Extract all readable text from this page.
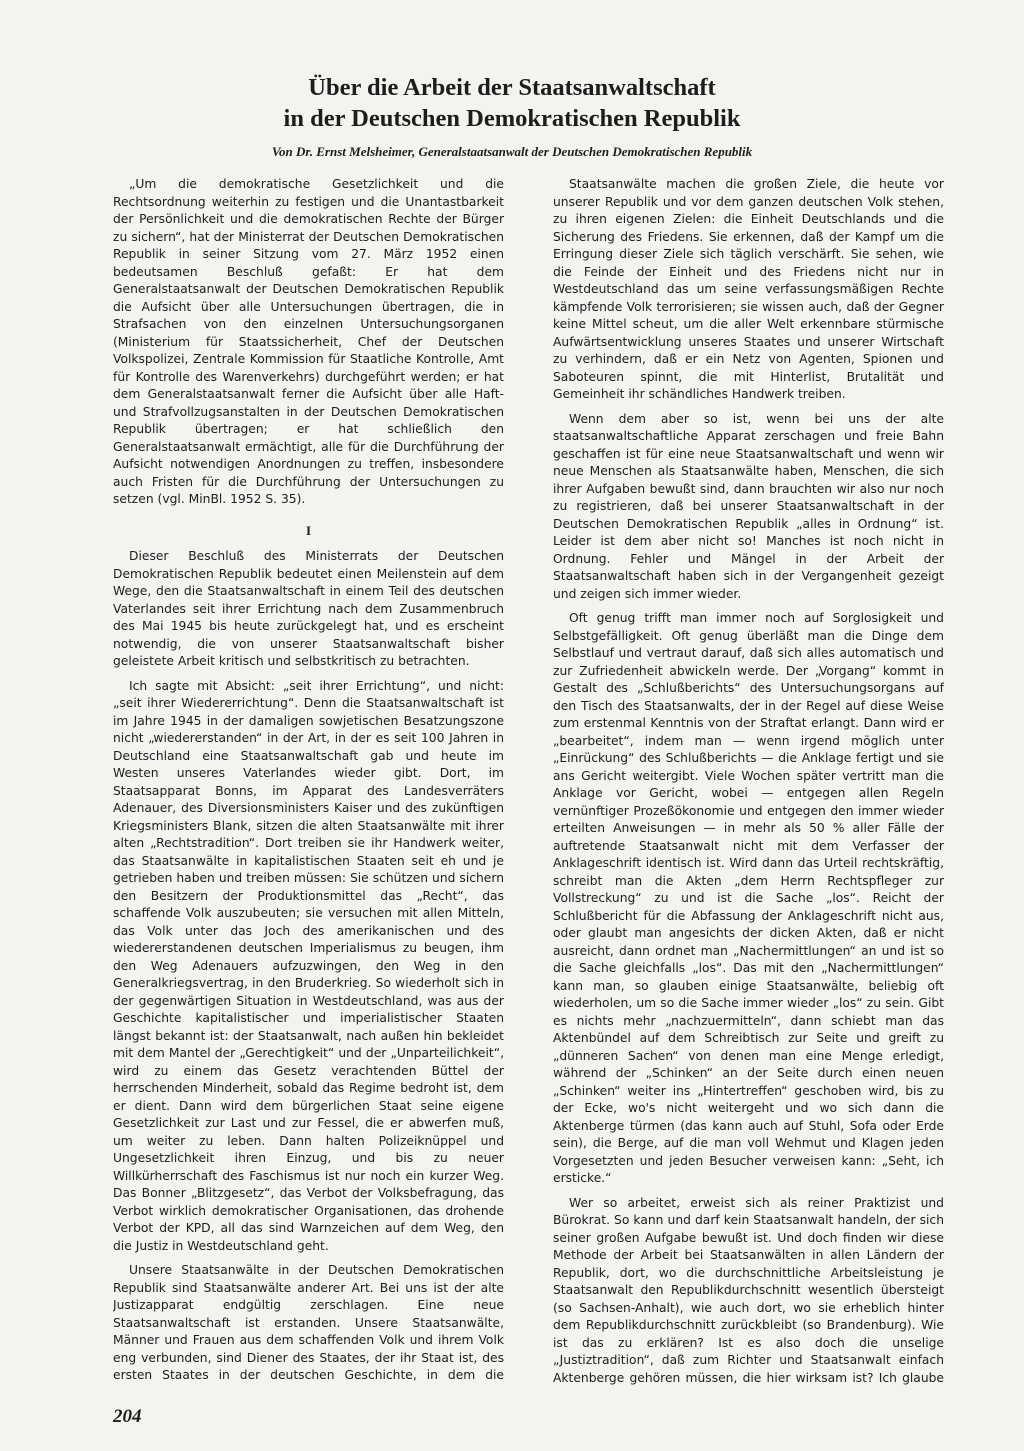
Über die Arbeit der Staatsanwaltschaft
in der Deutschen Demokratischen Republik

Von Dr. Ernst Melsheimer, Generalstaatsanwalt der Deutschen Demokratischen Republik

„Um die demokratische Gesetzlichkeit und die Rechtsordnung weiterhin zu festigen und die Unantastbarkeit der Persönlichkeit und die demokratischen Rechte der Bürger zu sichern“, hat der Ministerrat der Deutschen Demokratischen Republik in seiner Sitzung vom 27. März 1952 einen bedeutsamen Beschluß gefaßt: Er hat dem Generalstaatsanwalt der Deutschen Demokratischen Republik die Aufsicht über alle Untersuchungen übertragen, die in Strafsachen von den einzelnen Untersuchungsorganen (Ministerium für Staatssicherheit, Chef der Deutschen Volkspolizei, Zentrale Kommission für Staatliche Kontrolle, Amt für Kontrolle des Warenverkehrs) durchgeführt werden; er hat dem Generalstaatsanwalt ferner die Aufsicht über alle Haft- und Strafvollzugsanstalten in der Deutschen Demokratischen Republik übertragen; er hat schließlich den Generalstaatsanwalt ermächtigt, alle für die Durchführung der Aufsicht notwendigen Anordnungen zu treffen, insbesondere auch Fristen für die Durchführung der Untersuchungen zu setzen (vgl. MinBl. 1952 S. 35).

I

Dieser Beschluß des Ministerrats der Deutschen Demokratischen Republik bedeutet einen Meilenstein auf dem Wege, den die Staatsanwaltschaft in einem Teil des deutschen Vaterlandes seit ihrer Errichtung nach dem Zusammenbruch des Mai 1945 bis heute zurückgelegt hat, und es erscheint notwendig, die von unserer Staatsanwaltschaft bisher geleistete Arbeit kritisch und selbstkritisch zu betrachten.

Ich sagte mit Absicht: „seit ihrer Errichtung“, und nicht: „seit ihrer Wiedererrichtung“. Denn die Staatsanwaltschaft ist im Jahre 1945 in der damaligen sowjetischen Besatzungszone nicht „wiedererstanden“ in der Art, in der es seit 100 Jahren in Deutschland eine Staatsanwaltschaft gab und heute im Westen unseres Vaterlandes wieder gibt. Dort, im Staatsapparat Bonns, im Apparat des Landesverräters Adenauer, des Diversionsministers Kaiser und des zukünftigen Kriegsministers Blank, sitzen die alten Staatsanwälte mit ihrer alten „Rechtstradition“. Dort treiben sie ihr Handwerk weiter, das Staatsanwälte in kapitalistischen Staaten seit eh und je getrieben haben und treiben müssen: Sie schützen und sichern den Besitzern der Produktionsmittel das „Recht“, das schaffende Volk auszubeuten; sie versuchen mit allen Mitteln, das Volk unter das Joch des amerikanischen und des wiedererstandenen deutschen Imperialismus zu beugen, ihm den Weg Adenauers aufzuzwingen, den Weg in den Generalkriegsvertrag, in den Bruderkrieg. So wiederholt sich in der gegenwärtigen Situation in Westdeutschland, was aus der Geschichte kapitalistischer und imperialistischer Staaten längst bekannt ist: der Staatsanwalt, nach außen hin bekleidet mit dem Mantel der „Gerechtigkeit“ und der „Unparteilichkeit“, wird zu einem das Gesetz verachtenden Büttel der herrschenden Minderheit, sobald das Regime bedroht ist, dem er dient. Dann wird dem bürgerlichen Staat seine eigene Gesetzlichkeit zur Last und zur Fessel, die er abwerfen muß, um weiter zu leben. Dann halten Polizeiknüppel und Ungesetzlichkeit ihren Einzug, und bis zu neuer Willkürherrschaft des Faschismus ist nur noch ein kurzer Weg. Das Bonner „Blitzgesetz“, das Verbot der Volksbefragung, das Verbot wirklich demokratischer Organisationen, das drohende Verbot der KPD, all das sind Warnzeichen auf dem Weg, den die Justiz in Westdeutschland geht.

Unsere Staatsanwälte in der Deutschen Demokratischen Republik sind Staatsanwälte anderer Art. Bei uns ist der alte Justizapparat endgültig zerschlagen. Eine neue Staatsanwaltschaft ist erstanden. Unsere Staatsanwälte, Männer und Frauen aus dem schaffenden Volk und ihrem Volk eng verbunden, sind Diener des Staates, der ihr Staat ist, des ersten Staates in der deutschen Geschichte, in dem die

Staatsanwälte machen die großen Ziele, die heute vor unserer Republik und vor dem ganzen deutschen Volk stehen, zu ihren eigenen Zielen: die Einheit Deutschlands und die Sicherung des Friedens. Sie erkennen, daß der Kampf um die Erringung dieser Ziele sich täglich verschärft. Sie sehen, wie die Feinde der Einheit und des Friedens nicht nur in Westdeutschland das um seine verfassungsmäßigen Rechte kämpfende Volk terrorisieren; sie wissen auch, daß der Gegner keine Mittel scheut, um die aller Welt erkennbare stürmische Aufwärtsentwicklung unseres Staates und unserer Wirtschaft zu verhindern, daß er ein Netz von Agenten, Spionen und Saboteuren spinnt, die mit Hinterlist, Brutalität und Gemeinheit ihr schändliches Handwerk treiben.

Wenn dem aber so ist, wenn bei uns der alte staatsanwaltschaftliche Apparat zerschagen und freie Bahn geschaffen ist für eine neue Staatsanwaltschaft und wenn wir neue Menschen als Staatsanwälte haben, Menschen, die sich ihrer Aufgaben bewußt sind, dann brauchten wir also nur noch zu registrieren, daß bei unserer Staatsanwaltschaft in der Deutschen Demokratischen Republik „alles in Ordnung“ ist. Leider ist dem aber nicht so! Manches ist noch nicht in Ordnung. Fehler und Mängel in der Arbeit der Staatsanwaltschaft haben sich in der Vergangenheit gezeigt und zeigen sich immer wieder.

Oft genug trifft man immer noch auf Sorglosigkeit und Selbstgefälligkeit. Oft genug überläßt man die Dinge dem Selbstlauf und vertraut darauf, daß sich alles automatisch und zur Zufriedenheit abwickeln werde. Der „Vorgang“ kommt in Gestalt des „Schlußberichts“ des Untersuchungsorgans auf den Tisch des Staatsanwalts, der in der Regel auf diese Weise zum erstenmal Kenntnis von der Straftat erlangt. Dann wird er „bearbeitet“, indem man — wenn irgend möglich unter „Einrückung“ des Schlußberichts — die Anklage fertigt und sie ans Gericht weitergibt. Viele Wochen später vertritt man die Anklage vor Gericht, wobei — entgegen allen Regeln vernünftiger Prozeßökonomie und entgegen den immer wieder erteilten Anweisungen — in mehr als 50 % aller Fälle der auftretende Staatsanwalt nicht mit dem Verfasser der Anklageschrift identisch ist. Wird dann das Urteil rechtskräftig, schreibt man die Akten „dem Herrn Rechtspfleger zur Vollstreckung“ zu und ist die Sache „los“. Reicht der Schlußbericht für die Abfassung der Anklageschrift nicht aus, oder glaubt man angesichts der dicken Akten, daß er nicht ausreicht, dann ordnet man „Nachermittlungen“ an und ist so die Sache gleichfalls „los“. Das mit den „Nachermittlungen“ kann man, so glauben einige Staatsanwälte, beliebig oft wiederholen, um so die Sache immer wieder „los“ zu sein. Gibt es nichts mehr „nachzuermitteln“, dann schiebt man das Aktenbündel auf dem Schreibtisch zur Seite und greift zu „dünneren Sachen“ von denen man eine Menge erledigt, während der „Schinken“ an der Seite durch einen neuen „Schinken“ weiter ins „Hintertreffen“ geschoben wird, bis zu der Ecke, wo's nicht weitergeht und wo sich dann die Aktenberge türmen (das kann auch auf Stuhl, Sofa oder Erde sein), die Berge, auf die man voll Wehmut und Klagen jeden Vorgesetzten und jeden Besucher verweisen kann: „Seht, ich ersticke.“

Wer so arbeitet, erweist sich als reiner Praktizist und Bürokrat. So kann und darf kein Staatsanwalt handeln, der sich seiner großen Aufgabe bewußt ist. Und doch finden wir diese Methode der Arbeit bei Staatsanwälten in allen Ländern der Republik, dort, wo die durchschnittliche Arbeitsleistung je Staatsanwalt den Republikdurchschnitt wesentlich übersteigt (so Sachsen-Anhalt), wie auch dort, wo sie erheblich hinter dem Republikdurchschnitt zurückbleibt (so Brandenburg). Wie ist das zu erklären? Ist es also doch die unselige „Justiztradition“, daß zum Richter und Staatsanwalt einfach Aktenberge gehören müssen, die hier wirksam ist? Ich glaube

204
